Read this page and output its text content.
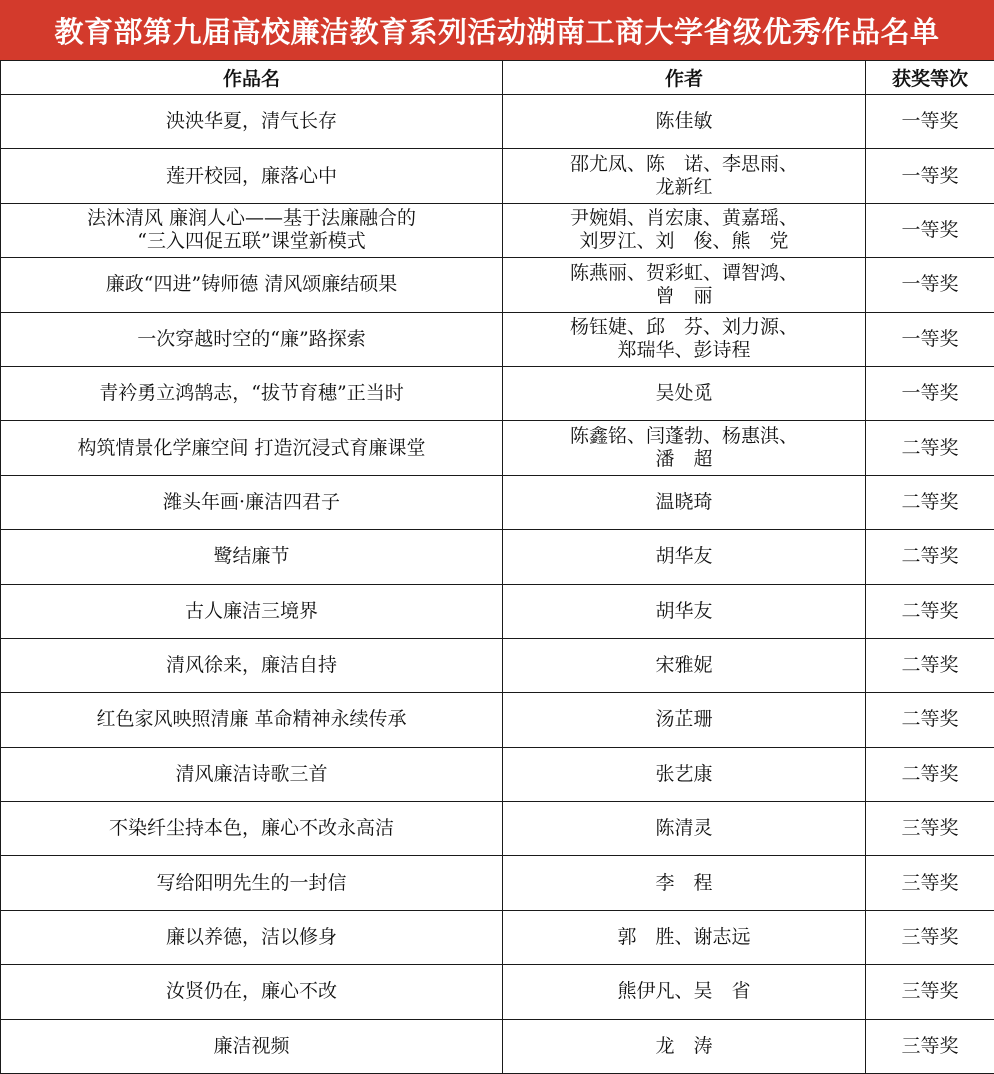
教育部第九届高校廉洁教育系列活动湖南工商大学省级优秀作品名单
作品名	作者	获奖等次

泱泱华夏，清气长存	陈佳敏	一等奖

莲开校园，廉落心中	邵尤凤、陈　诺、李思雨、
龙新红	一等奖

法沐清风 廉润人心——基于法廉融合的
“三入四促五联”课堂新模式	尹婉娟、肖宏康、黄嘉瑶、
刘罗江、刘　俊、熊　党	一等奖

廉政“四进”铸师德 清风颂廉结硕果	陈燕丽、贺彩虹、谭智鸿、
曾　丽	一等奖

一次穿越时空的“廉”路探索	杨钰婕、邱　芬、刘力源、
郑瑞华、彭诗程	一等奖

青衿勇立鸿鹄志，“拔节育穗”正当时	吴处觅	一等奖

构筑情景化学廉空间 打造沉浸式育廉课堂	陈鑫铭、闫蓬勃、杨惠淇、
潘　超	二等奖

潍头年画·廉洁四君子	温晓琦	二等奖

鹭结廉节	胡华友	二等奖

古人廉洁三境界	胡华友	二等奖

清风徐来，廉洁自持	宋雅妮	二等奖

红色家风映照清廉 革命精神永续传承	汤芷珊	二等奖

清风廉洁诗歌三首	张艺康	二等奖

不染纤尘持本色，廉心不改永高洁	陈清灵	三等奖

写给阳明先生的一封信	李　程	三等奖

廉以养德，洁以修身	郭　胜、谢志远	三等奖

汝贤仍在，廉心不改	熊伊凡、吴　省	三等奖

廉洁视频	龙　涛	三等奖
